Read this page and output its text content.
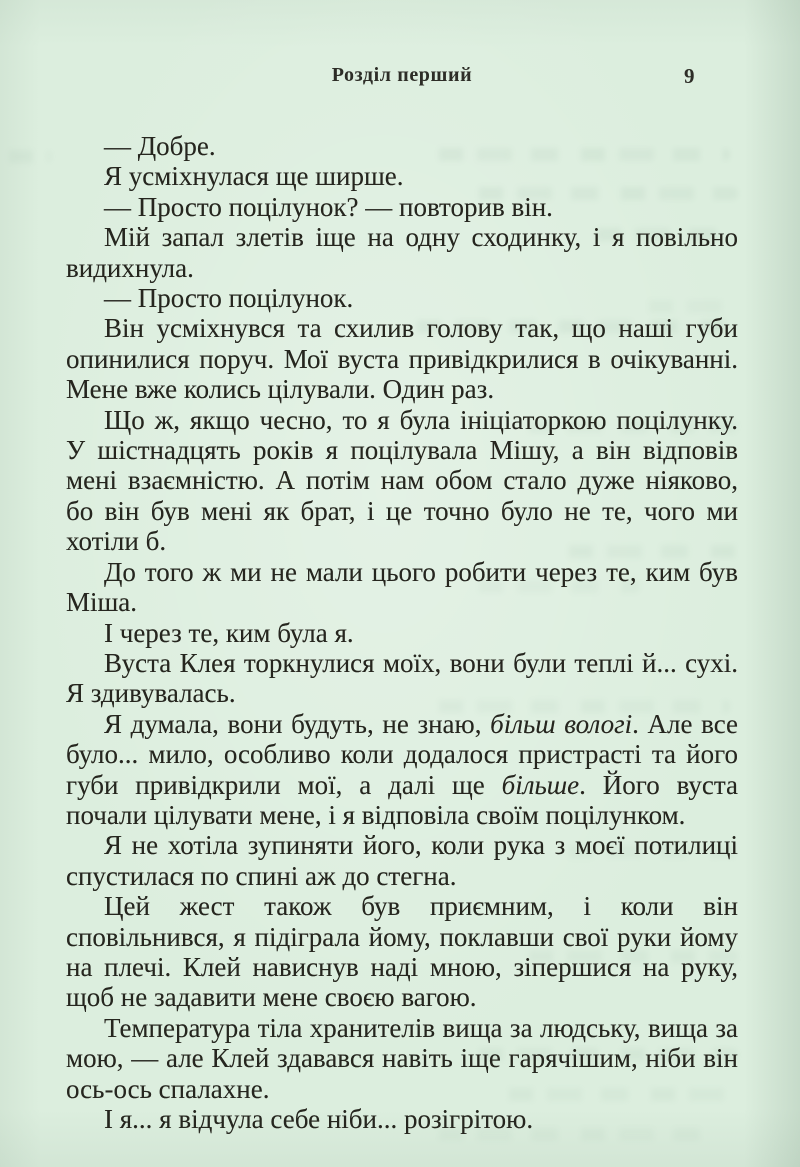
Розділ перший	9

— Добре.

Я усміхнулася ще ширше.

— Просто поцілунок? — повторив він.

Мій запал злетів іще на одну сходинку, і я повільно видихнула.

— Просто поцілунок.

Він усміхнувся та схилив голову так, що наші губи опинилися поруч. Мої вуста привідкрилися в очікуванні. Мене вже колись цілували. Один раз.

Що ж, якщо чесно, то я була ініціаторкою поцілунку. У шістнадцять років я поцілувала Мішу, а він відповів мені взаємністю. А потім нам обом стало дуже ніяково, бо він був мені як брат, і це точно було не те, чого ми хотіли б.

До того ж ми не мали цього робити через те, ким був Міша.

І через те, ким була я.

Вуста Клея торкнулися моїх, вони були теплі й... сухі. Я здивувалась.

Я думала, вони будуть, не знаю, більш вологі. Але все було... мило, особливо коли додалося пристрасті та його губи привідкрили мої, а далі ще більше. Його вуста почали цілувати мене, і я відповіла своїм поцілунком.

Я не хотіла зупиняти його, коли рука з моєї потилиці спустилася по спині аж до стегна.

Цей жест також був приємним, і коли він сповільнився, я підіграла йому, поклавши свої руки йому на плечі. Клей нависнув наді мною, зіпершися на руку, щоб не задавити мене своєю вагою.

Температура тіла хранителів вища за людську, вища за мою, — але Клей здавався навіть іще гарячішим, ніби він ось-ось спалахне.

І я... я відчула себе ніби... розігрітою.
